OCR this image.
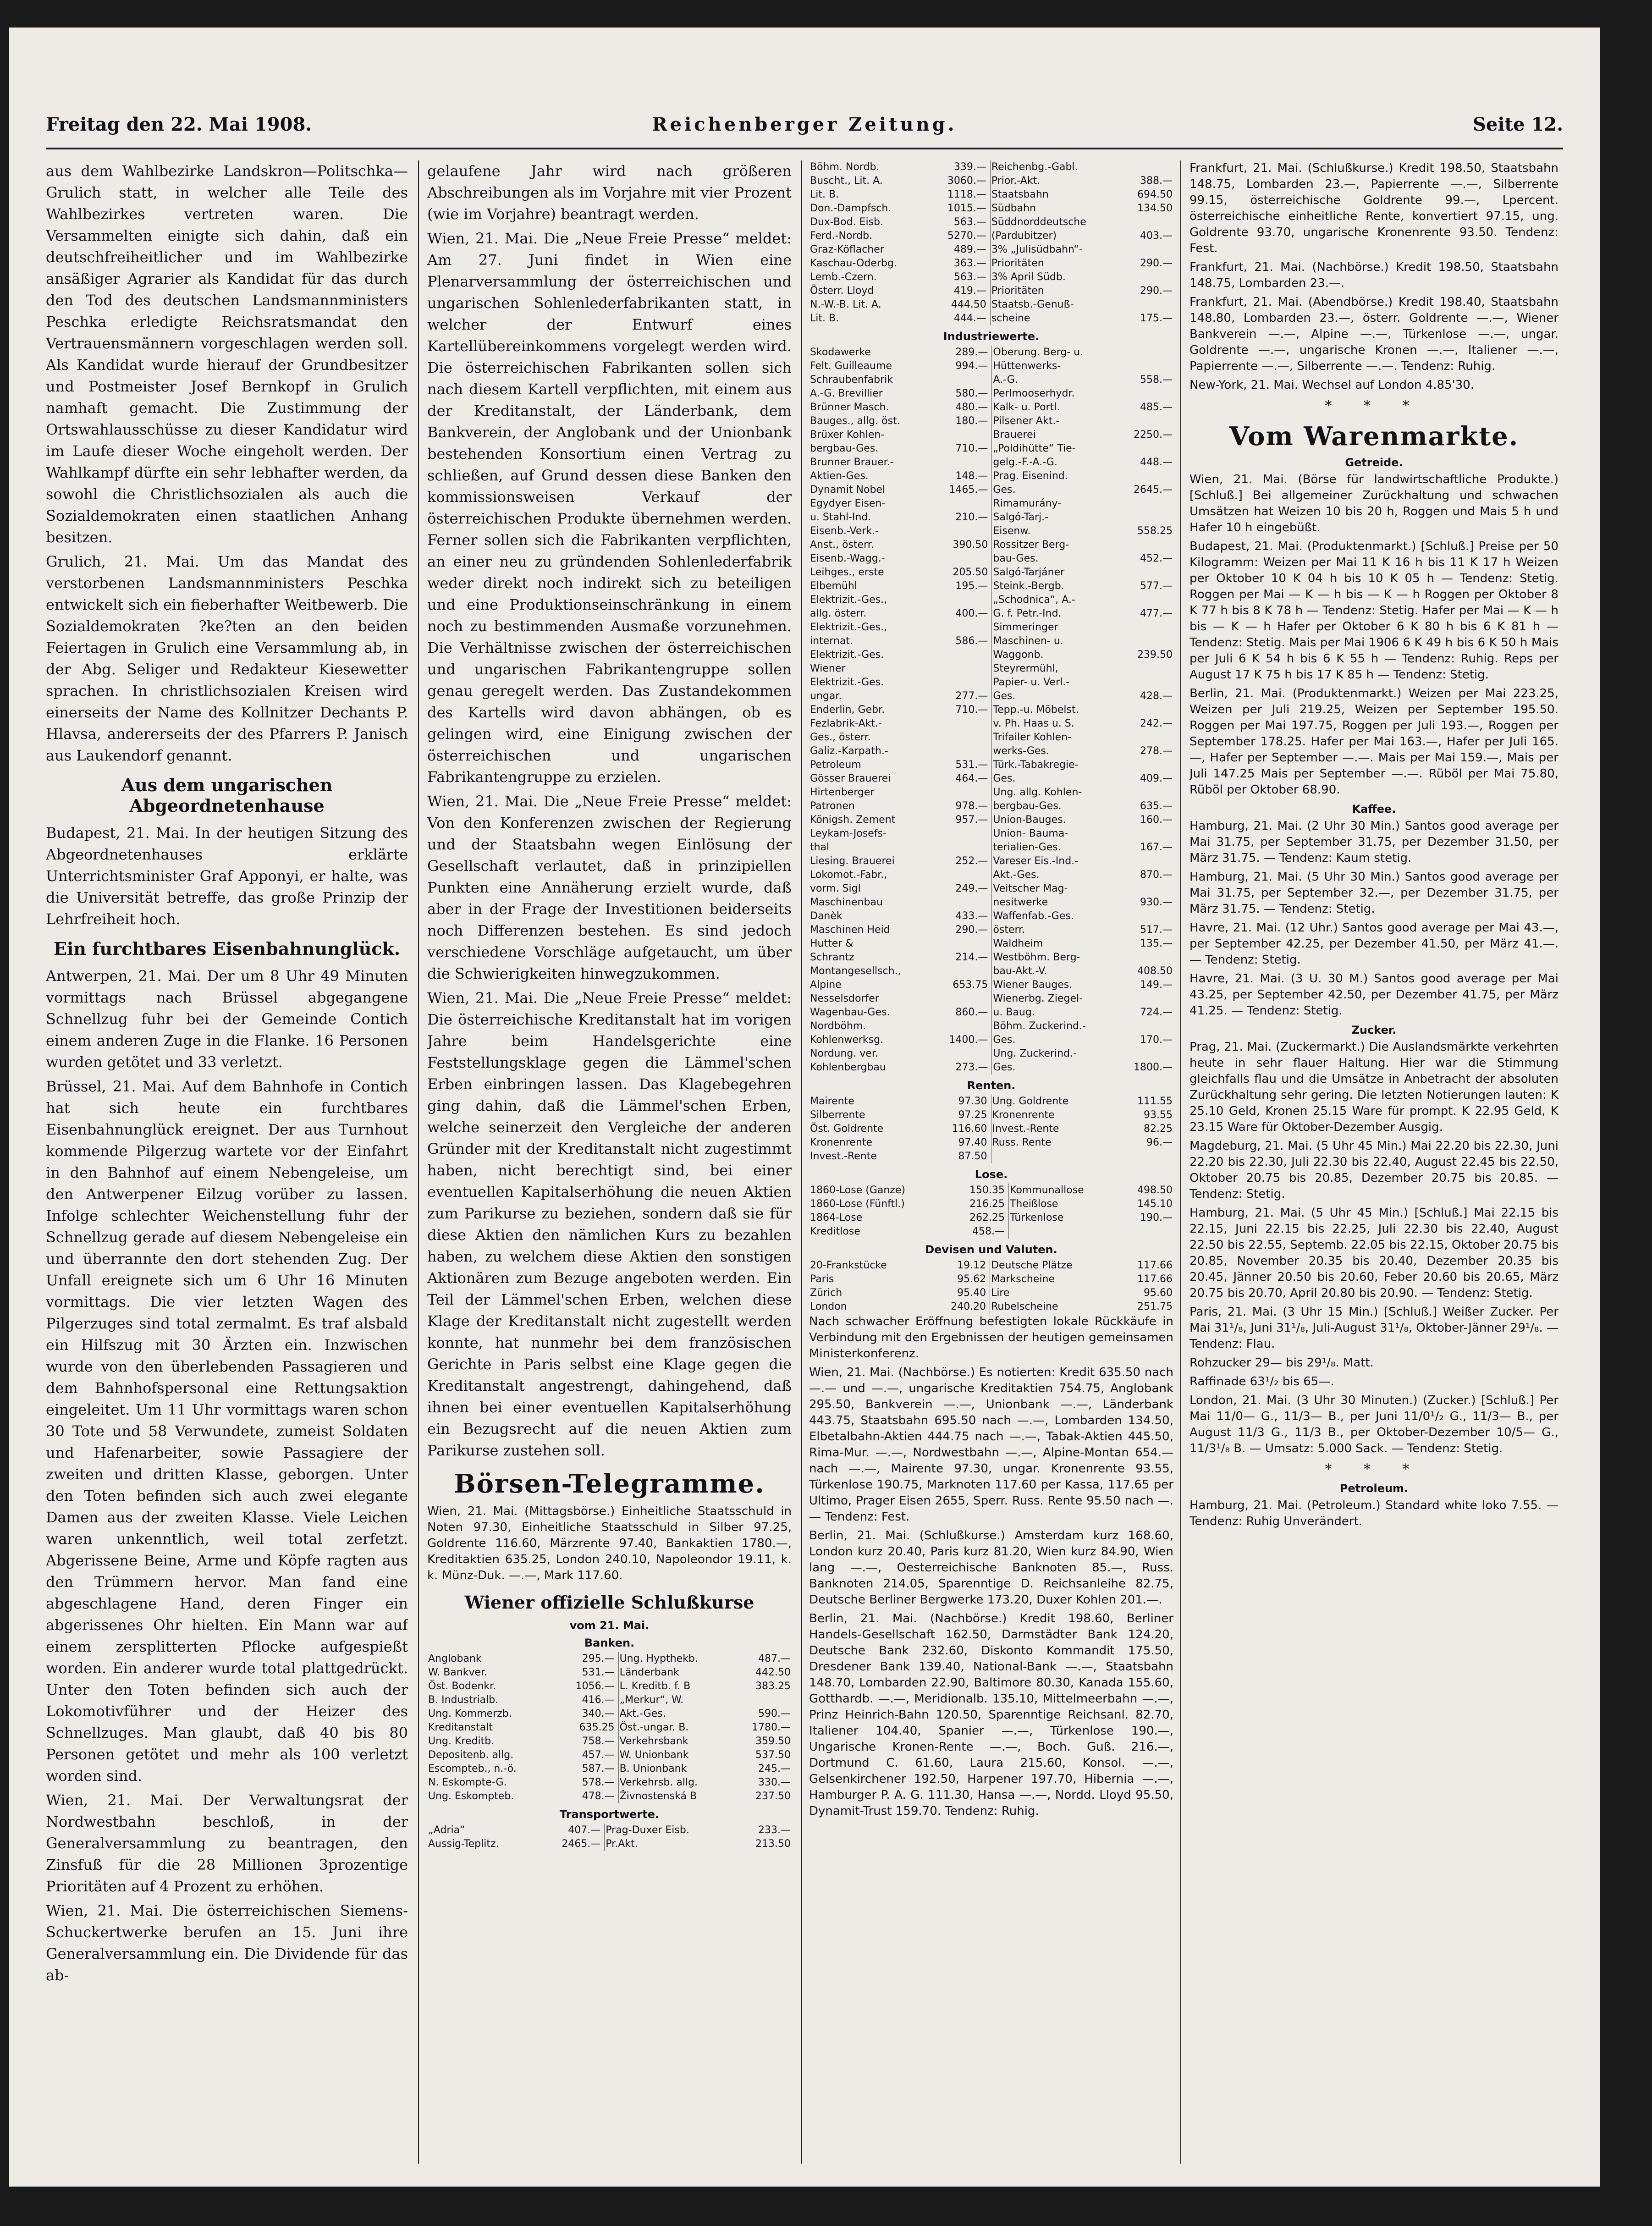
Freitag den 22. Mai 1908.	Reichenberger Zeitung.	Seite 12.

aus dem Wahlbezirke Landskron—Politschka—Grulich statt, in welcher alle Teile des Wahlbezirkes vertreten waren. Die Versammelten einigte sich dahin, daß ein deutschfreiheitlicher und im Wahlbezirke ansäßiger Agrarier als Kandidat für das durch den Tod des deutschen Landsmannministers Peschka erledigte Reichsratsmandat den Vertrauensmännern vorgeschlagen werden soll. Als Kandidat wurde hierauf der Grundbesitzer und Postmeister Josef Bernkopf in Grulich namhaft gemacht. Die Zustimmung der Ortswahlausschüsse zu dieser Kandidatur wird im Laufe dieser Woche eingeholt werden. Der Wahlkampf dürfte ein sehr lebhafter werden, da sowohl die Christlichsozialen als auch die Sozialdemokraten einen staatlichen Anhang besitzen.

Grulich, 21. Mai. Um das Mandat des verstorbenen Landsmannministers Peschka entwickelt sich ein fieberhafter Weitbewerb. Die Sozialdemokraten ?ke?ten an den beiden Feiertagen in Grulich eine Versammlung ab, in der Abg. Seliger und Redakteur Kiesewetter sprachen. In christlichsozialen Kreisen wird einerseits der Name des Kollnitzer Dechants P. Hlavsa, andererseits der des Pfarrers P. Janisch aus Laukendorf genannt.

Aus dem ungarischen Abgeordnetenhause

Budapest, 21. Mai. In der heutigen Sitzung des Abgeordnetenhauses erklärte Unterrichtsminister Graf Apponyi, er halte, was die Universität betreffe, das große Prinzip der Lehrfreiheit hoch.

Ein furchtbares Eisenbahnunglück.

Antwerpen, 21. Mai. Der um 8 Uhr 49 Minuten vormittags nach Brüssel abgegangene Schnellzug fuhr bei der Gemeinde Contich einem anderen Zuge in die Flanke. 16 Personen wurden getötet und 33 verletzt.

Brüssel, 21. Mai. Auf dem Bahnhofe in Contich hat sich heute ein furchtbares Eisenbahnunglück ereignet. Der aus Turnhout kommende Pilgerzug wartete vor der Einfahrt in den Bahnhof auf einem Nebengeleise, um den Antwerpener Eilzug vorüber zu lassen. Infolge schlechter Weichenstellung fuhr der Schnellzug gerade auf diesem Nebengeleise ein und überrannte den dort stehenden Zug. Der Unfall ereignete sich um 6 Uhr 16 Minuten vormittags. Die vier letzten Wagen des Pilgerzuges sind total zermalmt. Es traf alsbald ein Hilfszug mit 30 Ärzten ein. Inzwischen wurde von den überlebenden Passagieren und dem Bahnhofspersonal eine Rettungsaktion eingeleitet. Um 11 Uhr vormittags waren schon 30 Tote und 58 Verwundete, zumeist Soldaten und Hafenarbeiter, sowie Passagiere der zweiten und dritten Klasse, geborgen. Unter den Toten befinden sich auch zwei elegante Damen aus der zweiten Klasse. Viele Leichen waren unkenntlich, weil total zerfetzt. Abgerissene Beine, Arme und Köpfe ragten aus den Trümmern hervor. Man fand eine abgeschlagene Hand, deren Finger ein abgerissenes Ohr hielten. Ein Mann war auf einem zersplitterten Pflocke aufgespießt worden. Ein anderer wurde total plattgedrückt. Unter den Toten befinden sich auch der Lokomotivführer und der Heizer des Schnellzuges. Man glaubt, daß 40 bis 80 Personen getötet und mehr als 100 verletzt worden sind.

Wien, 21. Mai. Der Verwaltungsrat der Nordwestbahn beschloß, in der Generalversammlung zu beantragen, den Zinsfuß für die 28 Millionen 3prozentige Prioritäten auf 4 Prozent zu erhöhen.

Wien, 21. Mai. Die österreichischen Siemens-Schuckertwerke berufen an 15. Juni ihre Generalversammlung ein. Die Dividende für das ab-

gelaufene Jahr wird nach größeren Abschreibungen als im Vorjahre mit vier Prozent (wie im Vorjahre) beantragt werden.

Wien, 21. Mai. Die „Neue Freie Presse“ meldet: Am 27. Juni findet in Wien eine Plenarversammlung der österreichischen und ungarischen Sohlenlederfabrikanten statt, in welcher der Entwurf eines Kartellübereinkommens vorgelegt werden wird. Die österreichischen Fabrikanten sollen sich nach diesem Kartell verpflichten, mit einem aus der Kreditanstalt, der Länderbank, dem Bankverein, der Anglobank und der Unionbank bestehenden Konsortium einen Vertrag zu schließen, auf Grund dessen diese Banken den kommissionsweisen Verkauf der österreichischen Produkte übernehmen werden. Ferner sollen sich die Fabrikanten verpflichten, an einer neu zu gründenden Sohlenlederfabrik weder direkt noch indirekt sich zu beteiligen und eine Produktionseinschränkung in einem noch zu bestimmenden Ausmaße vorzunehmen. Die Verhältnisse zwischen der österreichischen und ungarischen Fabrikantengruppe sollen genau geregelt werden. Das Zustandekommen des Kartells wird davon abhängen, ob es gelingen wird, eine Einigung zwischen der österreichischen und ungarischen Fabrikantengruppe zu erzielen.

Wien, 21. Mai. Die „Neue Freie Presse“ meldet: Von den Konferenzen zwischen der Regierung und der Staatsbahn wegen Einlösung der Gesellschaft verlautet, daß in prinzipiellen Punkten eine Annäherung erzielt wurde, daß aber in der Frage der Investitionen beiderseits noch Differenzen bestehen. Es sind jedoch verschiedene Vorschläge aufgetaucht, um über die Schwierigkeiten hinwegzukommen.

Wien, 21. Mai. Die „Neue Freie Presse“ meldet: Die österreichische Kreditanstalt hat im vorigen Jahre beim Handelsgerichte eine Feststellungsklage gegen die Lämmel'schen Erben einbringen lassen. Das Klagebegehren ging dahin, daß die Lämmel'schen Erben, welche seinerzeit den Vergleiche der anderen Gründer mit der Kreditanstalt nicht zugestimmt haben, nicht berechtigt sind, bei einer eventuellen Kapitalserhöhung die neuen Aktien zum Parikurse zu beziehen, sondern daß sie für diese Aktien den nämlichen Kurs zu bezahlen haben, zu welchem diese Aktien den sonstigen Aktionären zum Bezuge angeboten werden. Ein Teil der Lämmel'schen Erben, welchen diese Klage der Kreditanstalt nicht zugestellt werden konnte, hat nunmehr bei dem französischen Gerichte in Paris selbst eine Klage gegen die Kreditanstalt angestrengt, dahingehend, daß ihnen bei einer eventuellen Kapitalserhöhung ein Bezugsrecht auf die neuen Aktien zum Parikurse zustehen soll.

Börsen-Telegramme.

Wien, 21. Mai. (Mittagsbörse.) Einheitliche Staatsschuld in Noten 97.30, Einheitliche Staatsschuld in Silber 97.25, Goldrente 116.60, Märzrente 97.40, Bankaktien 1780.—, Kreditaktien 635.25, London 240.10, Napoleondor 19.11, k. k. Münz-Duk. —.—, Mark 117.60.

Wiener offizielle Schlußkurse
vom 21. Mai.
Banken.
Anglobank	295.—	Ung. Hypthekb.	487.—
W. Bankver.	531.—	Länderbank	442.50
Öst. Bodenkr.	1056.—	L. Kreditb. f. B	383.25
B. Industrialb.	416.—	„Merkur“, W.	
Ung. Kommerzb.	340.—	Akt.-Ges.	590.—
Kreditanstalt	635.25	Öst.-ungar. B.	1780.—
Ung. Kreditb.	758.—	Verkehrsbank	359.50
Depositenb. allg.	457.—	W. Unionbank	537.50
Escompteb., n.-ö.	587.—	B. Unionbank	245.—
N. Eskompte-G.	578.—	Verkehrsb. allg.	330.—
Ung. Eskompteb.	478.—	Živnostenská B	237.50
Transportwerte.
„Adria“	407.—	Prag-Duxer Eisb.	233.—
Aussig-Teplitz.	2465.—	Pr.Akt.	213.50
Böhm. Nordb.	339.—	Reichenbg.-Gabl.	
Buscht., Lit. A.	3060.—	Prior.-Akt.	388.—
Lit. B.	1118.—	Staatsbahn	694.50
Don.-Dampfsch.	1015.—	Südbahn	134.50
Dux-Bod. Eisb.	563.—	Süddnorddeutsche	
Ferd.-Nordb.	5270.—	(Pardubitzer)	403.—
Graz-Köflacher	489.—	3% „Julisüdbahn“-	
Kaschau-Oderbg.	363.—	Prioritäten	290.—
Lemb.-Czern.	563.—	3% April Südb.	
Österr. Lloyd	419.—	Prioritäten	290.—
N.-W.-B. Lit. A.	444.50	Staatsb.-Genuß-	
Lit. B.	444.—	scheine	175.—
Industriewerte.
Skodawerke	289.—	Oberung. Berg- u.	
Felt. Guilleaume	994.—	Hüttenwerks-	
Schraubenfabrik		A.-G.	558.—
A.-G. Brevillier	580.—	Perlmooserhydr.	
Brünner Masch.	480.—	Kalk- u. Portl.	485.—
Bauges., allg. öst.	180.—	Pilsener Akt.-	
Brüxer Kohlen-		Brauerei	2250.—
bergbau-Ges.	710.—	„Poldihütte“ Tie-	
Brunner Brauer.-		gelg.-F.-A.-G.	448.—
Aktien-Ges.	148.—	Prag. Eisenind.	
Dynamit Nobel	1465.—	Ges.	2645.—
Egydyer Eisen-		Rimamurány-	
u. Stahl-Ind.	210.—	Salgó-Tarj.-	
Eisenb.-Verk.-		Eisenw.	558.25
Anst., österr.	390.50	Rossitzer Berg-	
Eisenb.-Wagg.-		bau-Ges.	452.—
Leihges., erste	205.50	Salgó-Tarjáner	
Elbemühl	195.—	Steink.-Bergb.	577.—
Elektrizit.-Ges.,		„Schodnica“, A.-	
allg. österr.	400.—	G. f. Petr.-Ind.	477.—
Elektrizit.-Ges.,		Simmeringer	
internat.	586.—	Maschinen- u.	
Elektrizit.-Ges.		Waggonb.	239.50
Wiener		Steyrermühl,	
Elektrizit.-Ges.		Papier- u. Verl.-	
ungar.	277.—	Ges.	428.—
Enderlin, Gebr.	710.—	Tepp.-u. Möbelst.	
Fezlabrik-Akt.-		v. Ph. Haas u. S.	242.—
Ges., österr.		Trifailer Kohlen-	
Galiz.-Karpath.-		werks-Ges.	278.—
Petroleum	531.—	Türk.-Tabakregie-	
Gösser Brauerei	464.—	Ges.	409.—
Hirtenberger		Ung. allg. Kohlen-	
Patronen	978.—	bergbau-Ges.	635.—
Königsh. Zement	957.—	Union-Bauges.	160.—
Leykam-Josefs-		Union- Bauma-	
thal		terialien-Ges.	167.—
Liesing. Brauerei	252.—	Vareser Eis.-Ind.-	
Lokomot.-Fabr.,		Akt.-Ges.	870.—
vorm. Sigl	249.—	Veitscher Mag-	
Maschinenbau		nesitwerke	930.—
Danèk	433.—	Waffenfab.-Ges.	
Maschinen Heid	290.—	österr.	517.—
Hutter &		Waldheim	135.—
Schrantz	214.—	Westböhm. Berg-	
Montangesellsch.,		bau-Akt.-V.	408.50
Alpine	653.75	Wiener Bauges.	149.—
Nesselsdorfer		Wienerbg. Ziegel-	
Wagenbau-Ges.	860.—	u. Baug.	724.—
Nordböhm.		Böhm. Zuckerind.-	
Kohlenwerksg.	1400.—	Ges.	170.—
Nordung. ver.		Ung. Zuckerind.-	
Kohlenbergbau	273.—	Ges.	1800.—
Renten.
Mairente	97.30	Ung. Goldrente	111.55
Silberrente	97.25	Kronenrente	93.55
Öst. Goldrente	116.60	Invest.-Rente	82.25
Kronenrente	97.40	Russ. Rente	96.—
Invest.-Rente	87.50		
Lose.
1860-Lose (Ganze)	150.35	Kommunallose	498.50
1860-Lose (Fünftl.)	216.25	Theißlose	145.10
1864-Lose	262.25	Türkenlose	190.—
Kreditlose	458.—		
Devisen und Valuten.
20-Frankstücke	19.12	Deutsche Plätze	117.66
Paris	95.62	Markscheine	117.66
Zürich	95.40	Lire	95.60
London	240.20	Rubelscheine	251.75

Nach schwacher Eröffnung befestigten lokale Rückkäufe in Verbindung mit den Ergebnissen der heutigen gemeinsamen Ministerkonferenz.

Wien, 21. Mai. (Nachbörse.) Es notierten: Kredit 635.50 nach —.— und —.—, ungarische Kreditaktien 754.75, Anglobank 295.50, Bankverein —.—, Unionbank —.—, Länderbank 443.75, Staatsbahn 695.50 nach —.—, Lombarden 134.50, Elbetalbahn-Aktien 444.75 nach —.—, Tabak-Aktien 445.50, Rima-Mur. —.—, Nordwestbahn —.—, Alpine-Montan 654.— nach —.—, Mairente 97.30, ungar. Kronenrente 93.55, Türkenlose 190.75, Marknoten 117.60 per Kassa, 117.65 per Ultimo, Prager Eisen 2655, Sperr. Russ. Rente 95.50 nach —.— Tendenz: Fest.

Berlin, 21. Mai. (Schlußkurse.) Amsterdam kurz 168.60, London kurz 20.40, Paris kurz 81.20, Wien kurz 84.90, Wien lang —.—, Oesterreichische Banknoten 85.—, Russ. Banknoten 214.05, Sparenntige D. Reichsanleihe 82.75, Deutsche Berliner Bergwerke 173.20, Duxer Kohlen 201.—.

Berlin, 21. Mai. (Nachbörse.) Kredit 198.60, Berliner Handels-Gesellschaft 162.50, Darmstädter Bank 124.20, Deutsche Bank 232.60, Diskonto Kommandit 175.50, Dresdener Bank 139.40, National-Bank —.—, Staatsbahn 148.70, Lombarden 22.90, Baltimore 80.30, Kanada 155.60, Gotthardb. —.—, Meridionalb. 135.10, Mittelmeerbahn —.—, Prinz Heinrich-Bahn 120.50, Sparenntige Reichsanl. 82.70, Italiener 104.40, Spanier —.—, Türkenlose 190.—, Ungarische Kronen-Rente —.—, Boch. Guß. 216.—, Dortmund C. 61.60, Laura 215.60, Konsol. —.—, Gelsenkirchener 192.50, Harpener 197.70, Hibernia —.—, Hamburger P. A. G. 111.30, Hansa —.—, Nordd. Lloyd 95.50, Dynamit-Trust 159.70. Tendenz: Ruhig.

Frankfurt, 21. Mai. (Schlußkurse.) Kredit 198.50, Staatsbahn 148.75, Lombarden 23.—, Papierrente —.—, Silberrente 99.15, österreichische Goldrente 99.—, Lpercent. österreichische einheitliche Rente, konvertiert 97.15, ung. Goldrente 93.70, ungarische Kronenrente 93.50. Tendenz: Fest.

Frankfurt, 21. Mai. (Nachbörse.) Kredit 198.50, Staatsbahn 148.75, Lombarden 23.—.

Frankfurt, 21. Mai. (Abendbörse.) Kredit 198.40, Staatsbahn 148.80, Lombarden 23.—, österr. Goldrente —.—, Wiener Bankverein —.—, Alpine —.—, Türkenlose —.—, ungar. Goldrente —.—, ungarische Kronen —.—, Italiener —.—, Papierrente —.—, Silberrente —.—. Tendenz: Ruhig.

New-York, 21. Mai. Wechsel auf London 4.85'30.

* * *
Vom Warenmarkte.
Getreide.

Wien, 21. Mai. (Börse für landwirtschaftliche Produkte.) [Schluß.] Bei allgemeiner Zurückhaltung und schwachen Umsätzen hat Weizen 10 bis 20 h, Roggen und Mais 5 h und Hafer 10 h eingebüßt.

Budapest, 21. Mai. (Produktenmarkt.) [Schluß.] Preise per 50 Kilogramm: Weizen per Mai 11 K 16 h bis 11 K 17 h Weizen per Oktober 10 K 04 h bis 10 K 05 h — Tendenz: Stetig. Roggen per Mai — K — h bis — K — h Roggen per Oktober 8 K 77 h bis 8 K 78 h — Tendenz: Stetig. Hafer per Mai — K — h bis — K — h Hafer per Oktober 6 K 80 h bis 6 K 81 h — Tendenz: Stetig. Mais per Mai 1906 6 K 49 h bis 6 K 50 h Mais per Juli 6 K 54 h bis 6 K 55 h — Tendenz: Ruhig. Reps per August 17 K 75 h bis 17 K 85 h — Tendenz: Stetig.

Berlin, 21. Mai. (Produktenmarkt.) Weizen per Mai 223.25, Weizen per Juli 219.25, Weizen per September 195.50. Roggen per Mai 197.75, Roggen per Juli 193.—, Roggen per September 178.25. Hafer per Mai 163.—, Hafer per Juli 165.—, Hafer per September —.—. Mais per Mai 159.—, Mais per Juli 147.25 Mais per September —.—. Rüböl per Mai 75.80, Rüböl per Oktober 68.90.

Kaffee.

Hamburg, 21. Mai. (2 Uhr 30 Min.) Santos good average per Mai 31.75, per September 31.75, per Dezember 31.50, per März 31.75. — Tendenz: Kaum stetig.

Hamburg, 21. Mai. (5 Uhr 30 Min.) Santos good average per Mai 31.75, per September 32.—, per Dezember 31.75, per März 31.75. — Tendenz: Stetig.

Havre, 21. Mai. (12 Uhr.) Santos good average per Mai 43.—, per September 42.25, per Dezember 41.50, per März 41.—. — Tendenz: Stetig.

Havre, 21. Mai. (3 U. 30 M.) Santos good average per Mai 43.25, per September 42.50, per Dezember 41.75, per März 41.25. — Tendenz: Stetig.

Zucker.

Prag, 21. Mai. (Zuckermarkt.) Die Auslandsmärkte verkehrten heute in sehr flauer Haltung. Hier war die Stimmung gleichfalls flau und die Umsätze in Anbetracht der absoluten Zurückhaltung sehr gering. Die letzten Notierungen lauten: K 25.10 Geld, Kronen 25.15 Ware für prompt. K 22.95 Geld, K 23.15 Ware für Oktober-Dezember Ausgig.

Magdeburg, 21. Mai. (5 Uhr 45 Min.) Mai 22.20 bis 22.30, Juni 22.20 bis 22.30, Juli 22.30 bis 22.40, August 22.45 bis 22.50, Oktober 20.75 bis 20.85, Dezember 20.75 bis 20.85. — Tendenz: Stetig.

Hamburg, 21. Mai. (5 Uhr 45 Min.) [Schluß.] Mai 22.15 bis 22.15, Juni 22.15 bis 22.25, Juli 22.30 bis 22.40, August 22.50 bis 22.55, Septemb. 22.05 bis 22.15, Oktober 20.75 bis 20.85, November 20.35 bis 20.40, Dezember 20.35 bis 20.45, Jänner 20.50 bis 20.60, Feber 20.60 bis 20.65, März 20.75 bis 20.70, April 20.80 bis 20.90. — Tendenz: Stetig.

Paris, 21. Mai. (3 Uhr 15 Min.) [Schluß.] Weißer Zucker. Per Mai 31¹/₈, Juni 31¹/₈, Juli-August 31¹/₈, Oktober-Jänner 29¹/₈. — Tendenz: Flau.

Rohzucker 29— bis 29¹/₈. Matt.

Raffinade 63¹/₂ bis 65—.

London, 21. Mai. (3 Uhr 30 Minuten.) (Zucker.) [Schluß.] Per Mai 11/0— G., 11/3— B., per Juni 11/0¹/₂ G., 11/3— B., per August 11/3 G., 11/3 B., per Oktober-Dezember 10/5— G., 11/3¹/₈ B. — Umsatz: 5.000 Sack. — Tendenz: Stetig.

* * *
Petroleum.

Hamburg, 21. Mai. (Petroleum.) Standard white loko 7.55. — Tendenz: Ruhig Unverändert.
